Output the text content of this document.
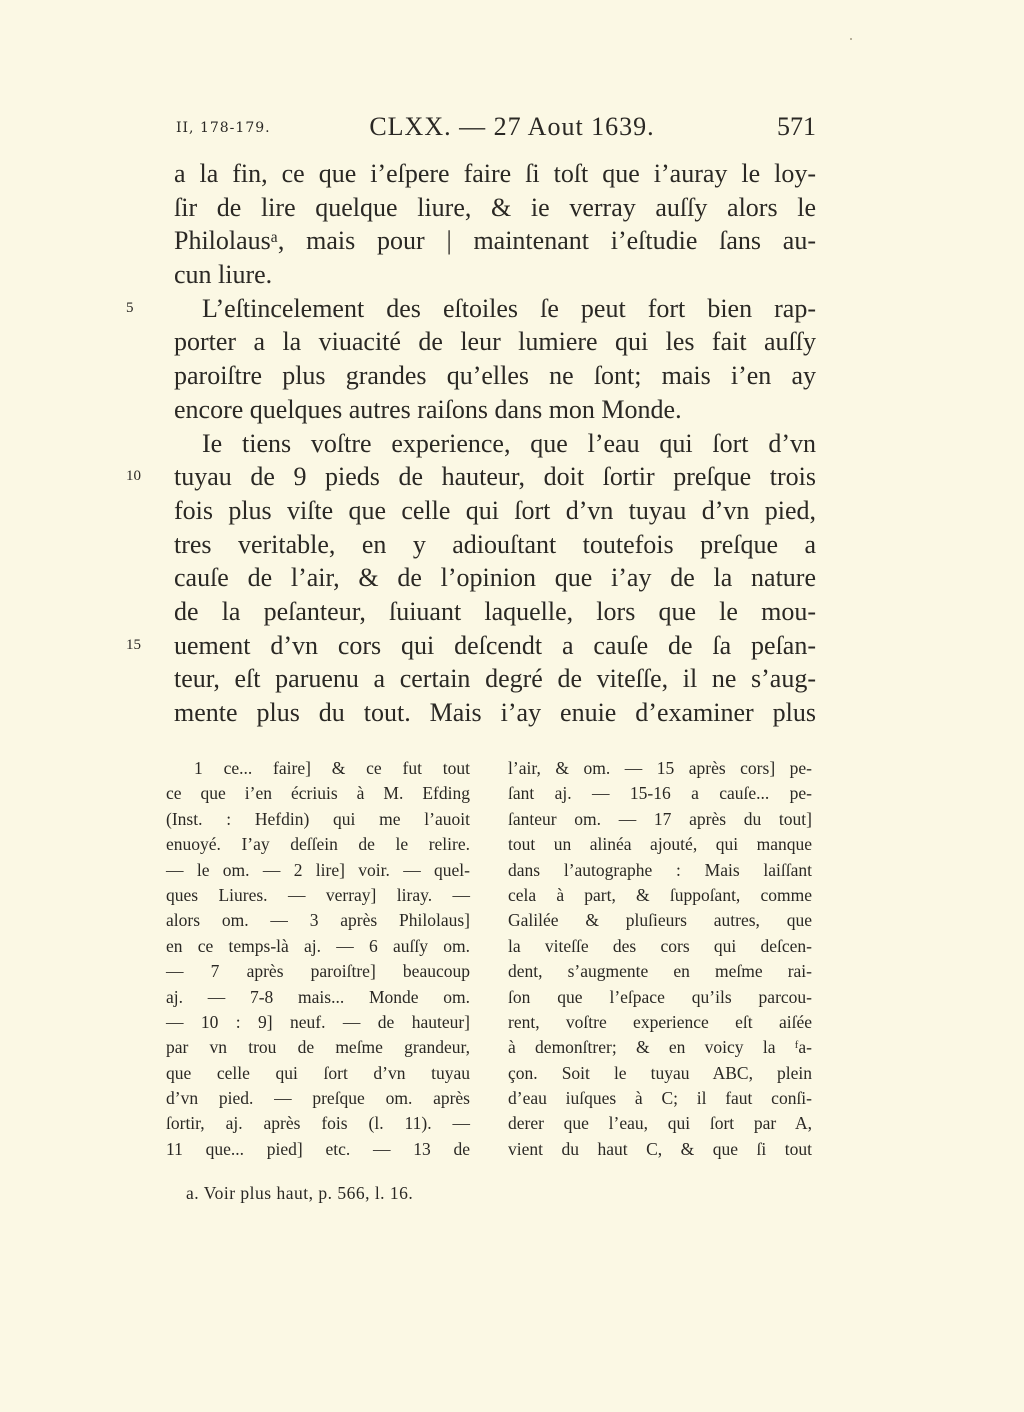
II, 178-179.	CLXX. — 27 Aout 1639.	571
a la fin, ce que i’eſpere faire ſi toſt que i’auray le loy-
ſir de lire quelque liure, & ie verray auſſy alors le
Philolausᵃ, mais pour | maintenant i’eſtudie ſans au-
cun liure.
L’eſtincelement des eſtoiles ſe peut fort bien rap-
5
porter a la viuacité de leur lumiere qui les fait auſſy
paroiſtre plus grandes qu’elles ne ſont; mais i’en ay
encore quelques autres raiſons dans mon Monde.
Ie tiens voſtre experience, que l’eau qui ſort d’vn
tuyau de 9 pieds de hauteur, doit ſortir preſque trois
10
fois plus viſte que celle qui ſort d’vn tuyau d’vn pied,
tres veritable, en y adiouſtant toutefois preſque a
cauſe de l’air, & de l’opinion que i’ay de la nature
de la peſanteur, ſuiuant laquelle, lors que le mou-
uement d’vn cors qui deſcendt a cauſe de ſa peſan-
15
teur, eſt paruenu a certain degré de viteſſe, il ne s’aug-
mente plus du tout. Mais i’ay enuie d’examiner plus
1 ce... faire] & ce fut tout
ce que i’en écriuis à M. Efding
(Inst. : Hefdin) qui me l’auoit
enuoyé. I’ay deſſein de le relire.
— le om. — 2 lire] voir. — quel-
ques Liures. — verray] liray. —
alors om. — 3 après Philolaus]
en ce temps-là aj. — 6 auſſy om.
— 7 après paroiſtre] beaucoup
aj. — 7-8 mais... Monde om.
— 10 : 9] neuf. — de hauteur]
par vn trou de meſme grandeur,
que celle qui ſort d’vn tuyau
d’vn pied. — preſque om. après
ſortir, aj. après fois (l. 11). —
11 que... pied] etc. — 13 de
l’air, & om. — 15 après cors] pe-
ſant aj. — 15-16 a cauſe... pe-
ſanteur om. — 17 après du tout]
tout un alinéa ajouté, qui manque
dans l’autographe : Mais laiſſant
cela à part, & ſuppoſant, comme
Galilée & pluſieurs autres, que
la viteſſe des cors qui deſcen-
dent, s’augmente en meſme rai-
ſon que l’eſpace qu’ils parcou-
rent, voſtre experience eſt aiſée
à demonſtrer; & en voicy la ᶠa-
çon. Soit le tuyau ABC, plein
d’eau iuſques à C; il faut conſi-
derer que l’eau, qui ſort par A,
vient du haut C, & que ſi tout
a. Voir plus haut, p. 566, l. 16.
